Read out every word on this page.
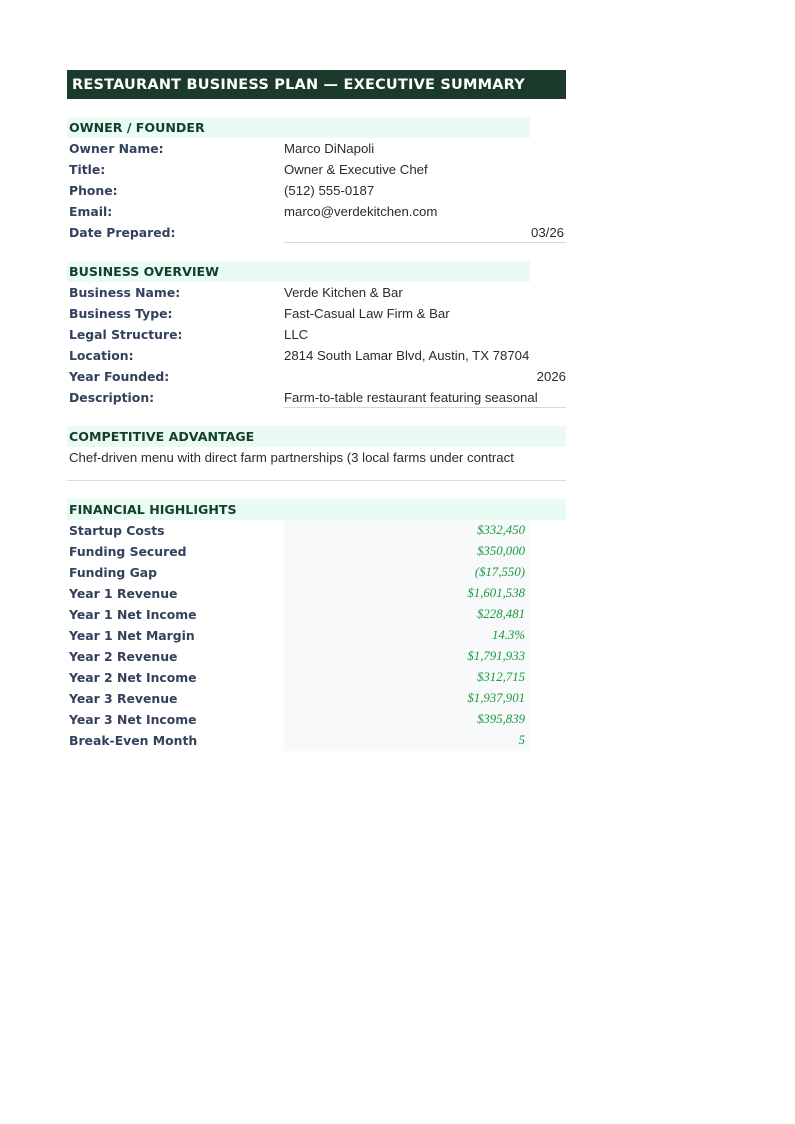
RESTAURANT BUSINESS PLAN — EXECUTIVE SUMMARY
OWNER / FOUNDER
Owner Name:	Marco DiNapoli
Title:	Owner & Executive Chef
Phone:	(512) 555-0187
Email:	marco@verdekitchen.com
Date Prepared:	03/26
BUSINESS OVERVIEW
Business Name:	Verde Kitchen & Bar
Business Type:	Fast-Casual Law Firm & Bar
Legal Structure:	LLC
Location:	2814 South Lamar Blvd, Austin, TX 78704
Year Founded:	2026
Description:	Farm-to-table restaurant featuring seasonal
COMPETITIVE ADVANTAGE
Chef-driven menu with direct farm partnerships (3 local farms under contract
FINANCIAL HIGHLIGHTS
Startup Costs	$332,450
Funding Secured	$350,000
Funding Gap	($17,550)
Year 1 Revenue	$1,601,538
Year 1 Net Income	$228,481
Year 1 Net Margin	14.3%
Year 2 Revenue	$1,791,933
Year 2 Net Income	$312,715
Year 3 Revenue	$1,937,901
Year 3 Net Income	$395,839
Break-Even Month	5
